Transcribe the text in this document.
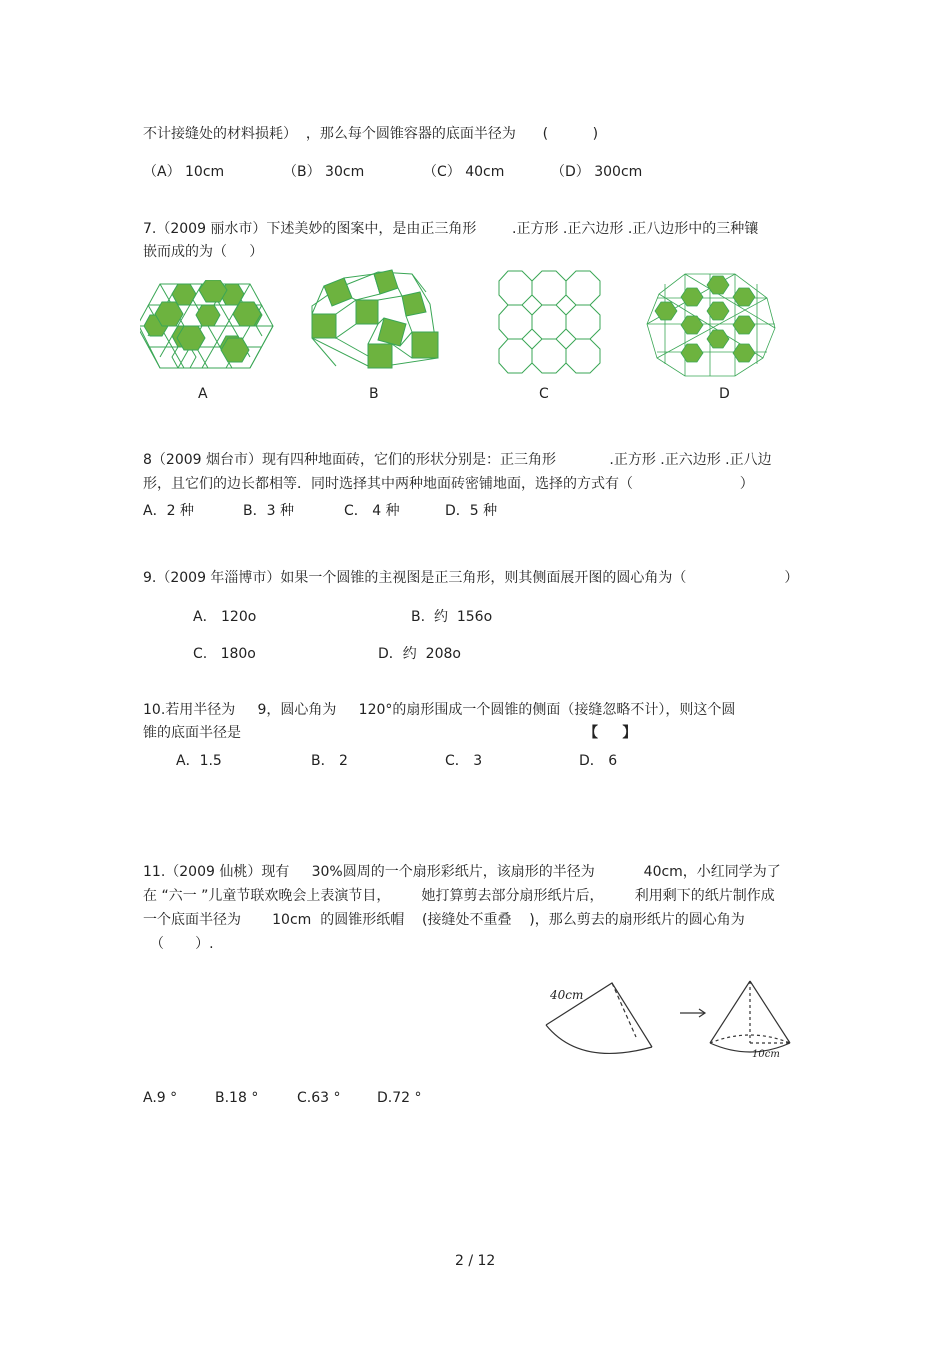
不计接缝处的材料损耗）  ，那么每个圆锥容器的底面半径为      (          )
（A） 10cm	（B） 30cm	（C） 40cm	（D） 300cm
7.（2009 丽水市）下述美妙的图案中，是由正三角形        .正方形 .正六边形 .正八边形中的三种镶
嵌而成的为（     ）
A	B	C	D
8（2009 烟台市）现有四种地面砖，它们的形状分别是：正三角形            .正方形 .正六边形 .正八边
形，且它们的边长都相等．同时选择其中两种地面砖密铺地面，选择的方式有（                        ）
A．2 种	B．3 种	C． 4 种	D．5 种
9.（2009 年淄博市）如果一个圆锥的主视图是正三角形，则其侧面展开图的圆心角为（                      ）
A． 120o	B.  约  156o
C.   180o	D．约  208o
10.若用半径为     9，圆心角为     120°的扇形围成一个圆锥的侧面（接缝忽略不计），则这个圆
锥的底面半径是	【     】
A．1.5	B． 2	C． 3	D． 6
11.（2009 仙桃）现有     30%圆周的一个扇形彩纸片，该扇形的半径为           40cm，小红同学为了
在 “六一 ”儿童节联欢晚会上表演节目，       她打算剪去部分扇形纸片后，       利用剩下的纸片制作成
一个底面半径为       10cm  的圆锥形纸帽    (接缝处不重叠    )，那么剪去的扇形纸片的圆心角为
（       ）.
40cm
10cm
A.9 °	B.18 °	C.63 °	D.72 °
2 / 12
